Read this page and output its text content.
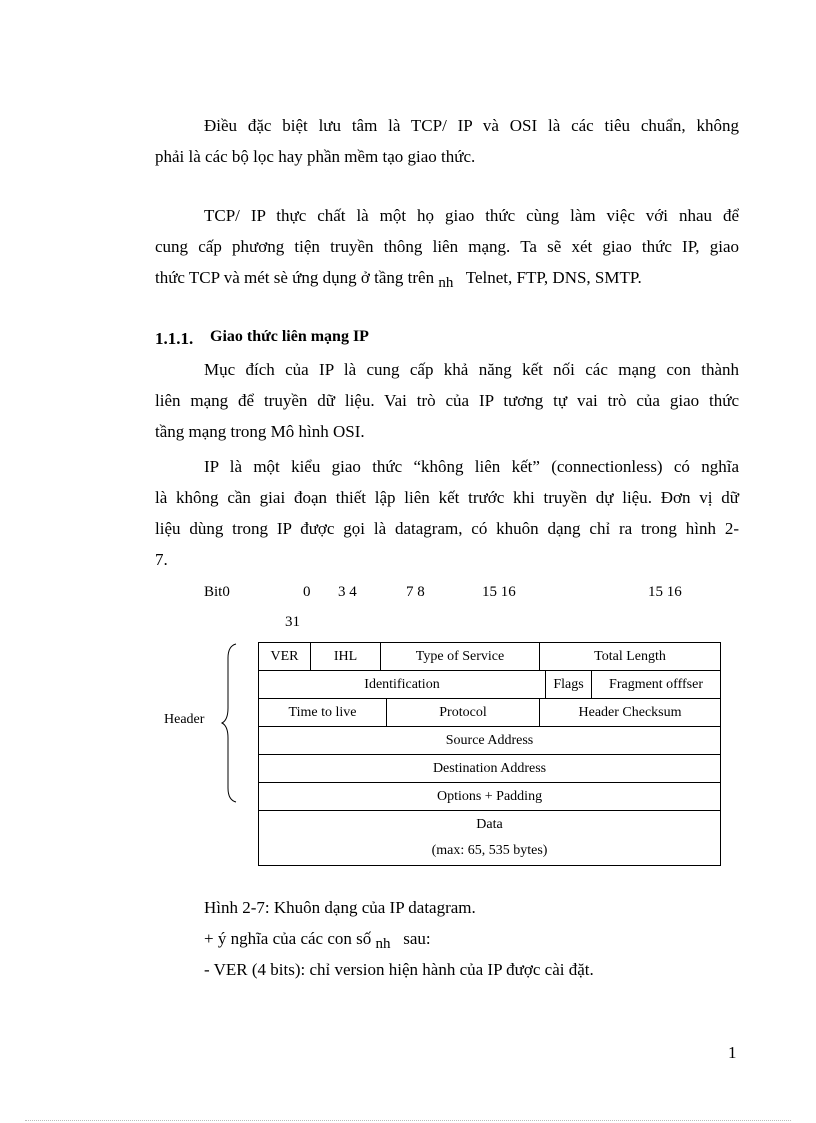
Điều đặc biệt lưu tâm là TCP/ IP và OSI là các tiêu chuẩn, không
phải là các bộ lọc hay phần mềm tạo giao thức.
TCP/ IP thực chất là một họ giao thức cùng làm việc với nhau để
cung cấp phương tiện truyền thông liên mạng. Ta sẽ xét giao thức IP, giao
thức TCP và mét sè ứng dụng ở tầng trên nh Telnet, FTP, DNS, SMTP.
1.1.1. Giao thức liên mạng IP
Mục đích của IP là cung cấp khả năng kết nối các mạng con thành
liên mạng để truyền dữ liệu. Vai trò của IP tương tự vai trò của giao thức
tầng mạng trong Mô hình OSI.
IP là một kiểu giao thức “không liên kết” (connectionless) có nghĩa
là không cần giai đoạn thiết lập liên kết trước khi truyền dự liệu. Đơn vị dữ
liệu dùng trong IP được gọi là datagram, có khuôn dạng chỉ ra trong hình 2-
7.
Bit0	0 3 4	7 8	15 16	15 16
31
Header
VER	IHL	Type of Service		Total Length		
Identification					Flags	Fragment offfser
Time to live			Protocol	Header Checksum		
Source Address						
Destination Address						
Options + Padding						
Data
(max: 65, 535 bytes)						

Hình 2-7: Khuôn dạng của IP datagram.

+ ý nghĩa của các con số nh sau:

- VER (4 bits): chỉ version hiện hành của IP được cài đặt.

1
